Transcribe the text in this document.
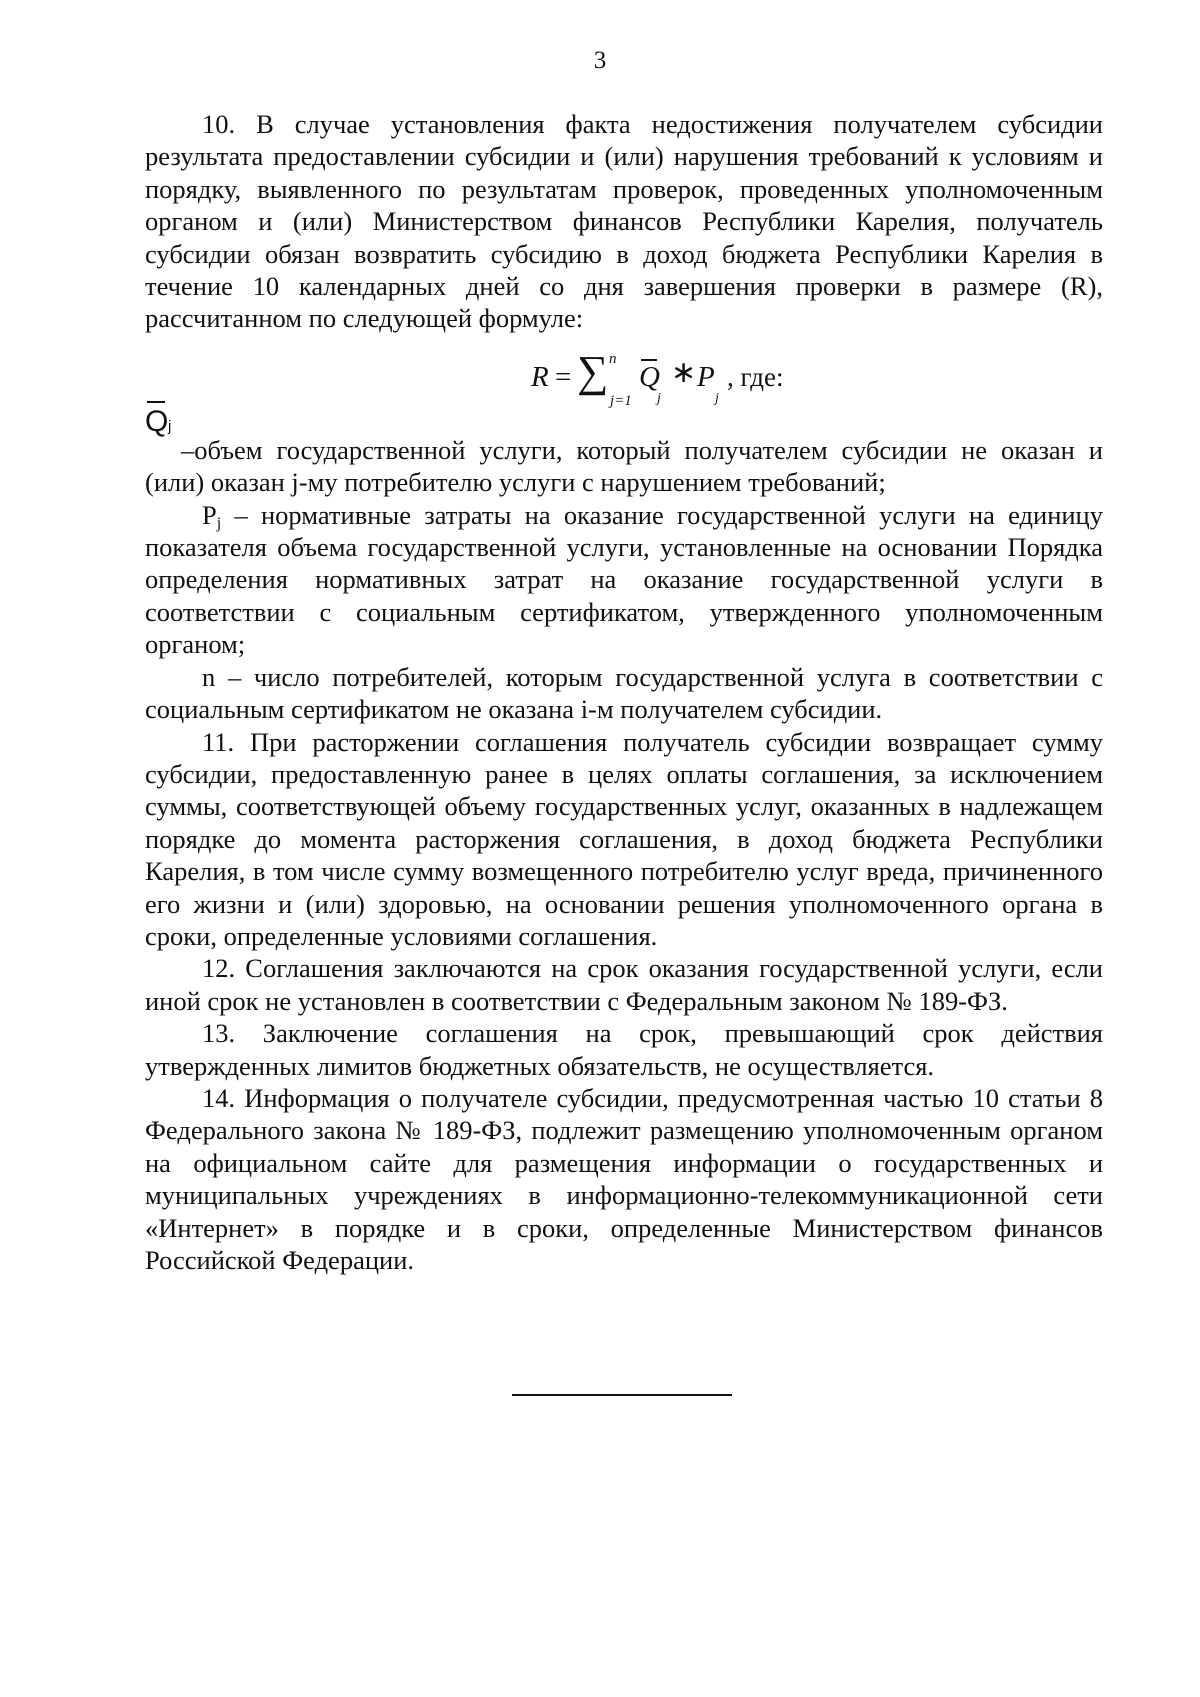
3

10. В случае установления факта недостижения получателем субсидии результата предоставлении субсидии и (или) нарушения требований к условиям и порядку, выявленного по результатам проверок, проведенных уполномоченным органом и (или) Министерством финансов Республики Карелия, получатель субсидии обязан возвратить субсидию в доход бюджета Республики Карелия в течение 10 календарных дней со дня завершения проверки в размере (R), рассчитанном по следующей формуле:

R = ∑ n
j=1
Q
j
∗ P
j
, где:

Q j
–объем государственной услуги, который получателем субсидии не оказан и (или) оказан j-му потребителю услуги с нарушением требований;

$P_j$ – нормативные затраты на оказание государственной услуги на единицу показателя объема государственной услуги, установленные на основании Порядка определения нормативных затрат на оказание государственной услуги в соответствии с социальным сертификатом, утвержденного уполномоченным органом;

n – число потребителей, которым государственной услуга в соответствии с социальным сертификатом не оказана i-м получателем субсидии.

11. При расторжении соглашения получатель субсидии возвращает сумму субсидии, предоставленную ранее в целях оплаты соглашения, за исключением суммы, соответствующей объему государственных услуг, оказанных в надлежащем порядке до момента расторжения соглашения, в доход бюджета Республики Карелия, в том числе сумму возмещенного потребителю услуг вреда, причиненного его жизни и (или) здоровью, на основании решения уполномоченного органа в сроки, определенные условиями соглашения.

12. Соглашения заключаются на срок оказания государственной услуги, если иной срок не установлен в соответствии с Федеральным законом № 189-ФЗ.

13. Заключение соглашения на срок, превышающий срок действия утвержденных лимитов бюджетных обязательств, не осуществляется.

14. Информация о получателе субсидии, предусмотренная частью 10 статьи 8 Федерального закона № 189-ФЗ, подлежит размещению уполномоченным органом на официальном сайте для размещения информации о государственных и муниципальных учреждениях в информационно-телекоммуникационной сети «Интернет» в порядке и в сроки, определенные Министерством финансов Российской Федерации.
